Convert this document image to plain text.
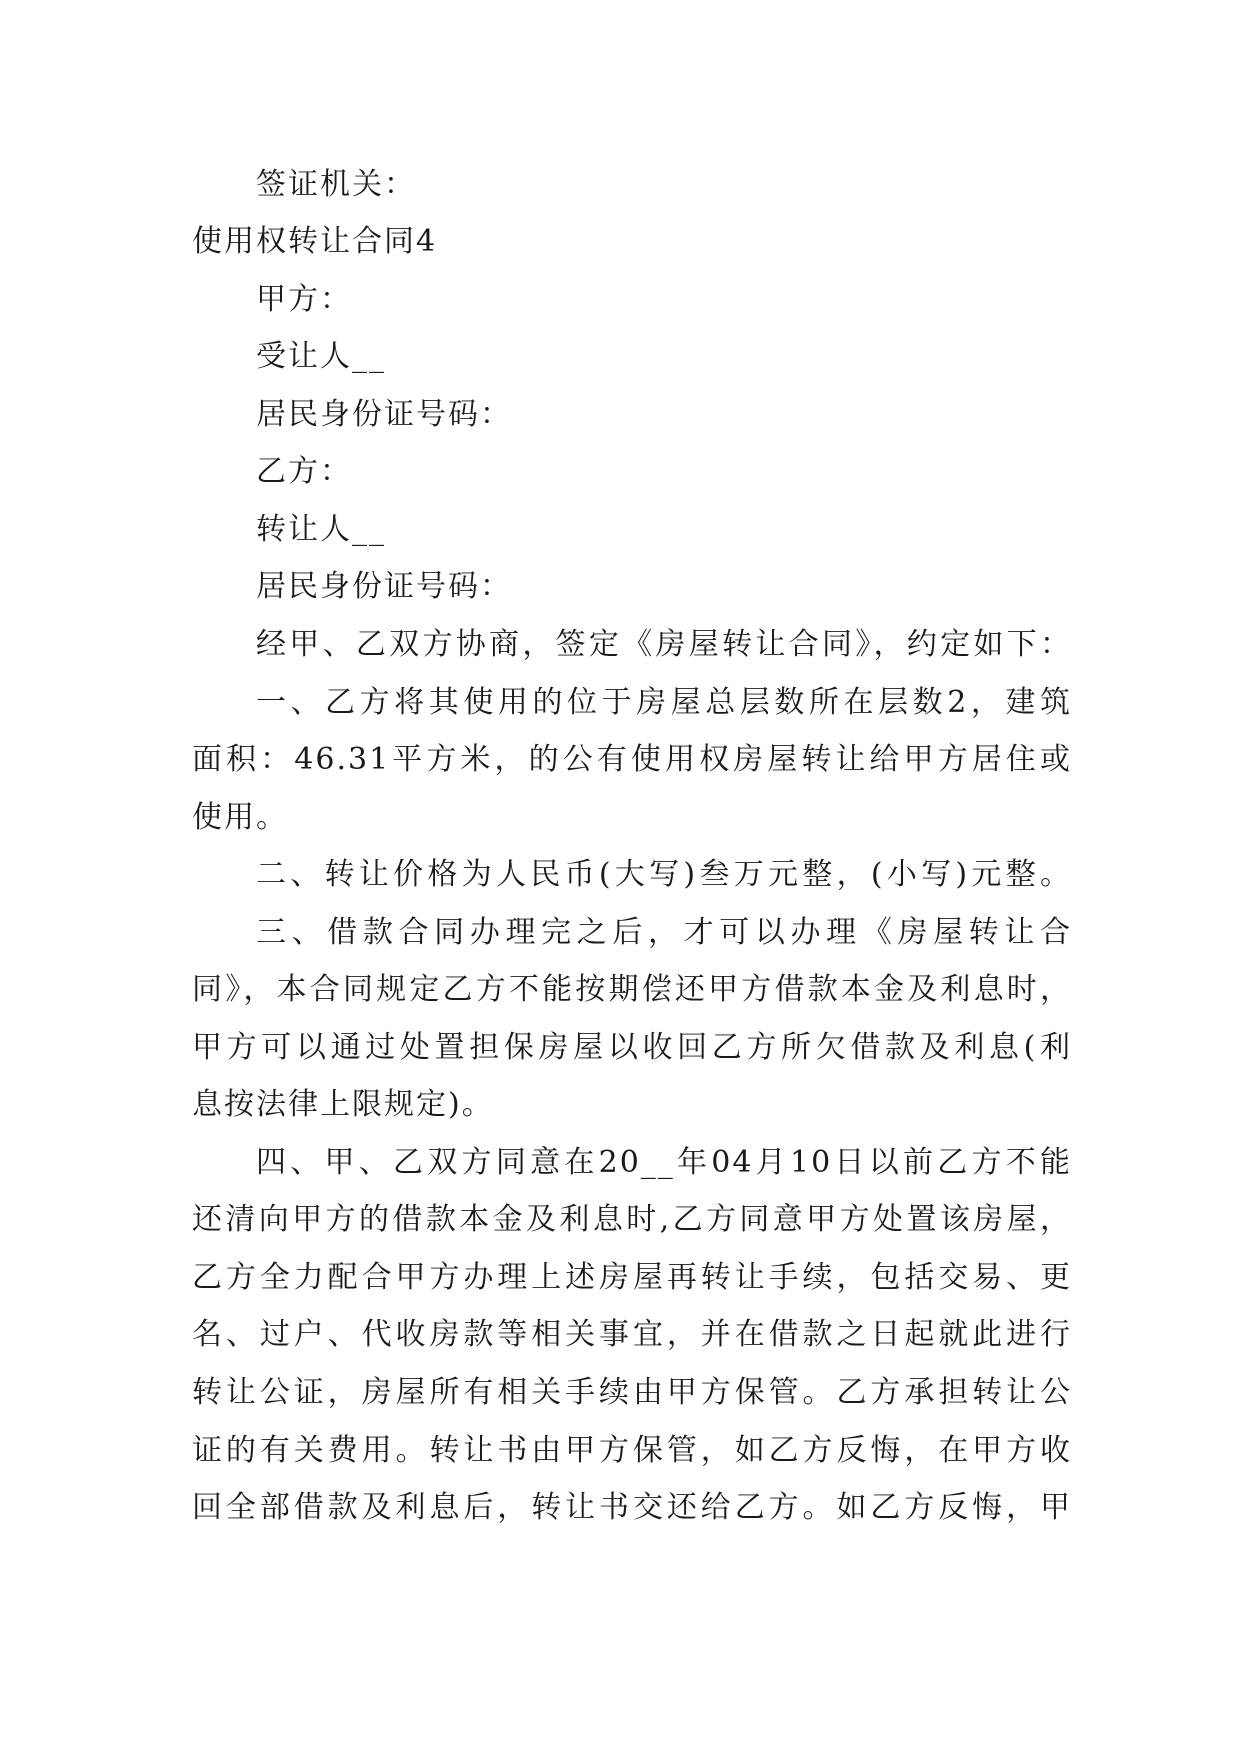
签证机关：
使用权转让合同4
甲方：
受让人__
居民身份证号码：
乙方：
转让人__
居民身份证号码：
经甲、乙双方协商，签定《房屋转让合同》，约定如下：
一、乙方将其使用的位于房屋总层数所在层数2，建筑
面积：46.31平方米，的公有使用权房屋转让给甲方居住或
使用。
二、转让价格为人民币(大写)叁万元整，(小写)元整。
三、借款合同办理完之后，才可以办理《房屋转让合
同》，本合同规定乙方不能按期偿还甲方借款本金及利息时，
甲方可以通过处置担保房屋以收回乙方所欠借款及利息(利
息按法律上限规定)。
四、甲、乙双方同意在20__年04月10日以前乙方不能
还清向甲方的借款本金及利息时,乙方同意甲方处置该房屋，
乙方全力配合甲方办理上述房屋再转让手续，包括交易、更
名、过户、代收房款等相关事宜，并在借款之日起就此进行
转让公证，房屋所有相关手续由甲方保管。乙方承担转让公
证的有关费用。转让书由甲方保管，如乙方反悔，在甲方收
回全部借款及利息后，转让书交还给乙方。如乙方反悔，甲
